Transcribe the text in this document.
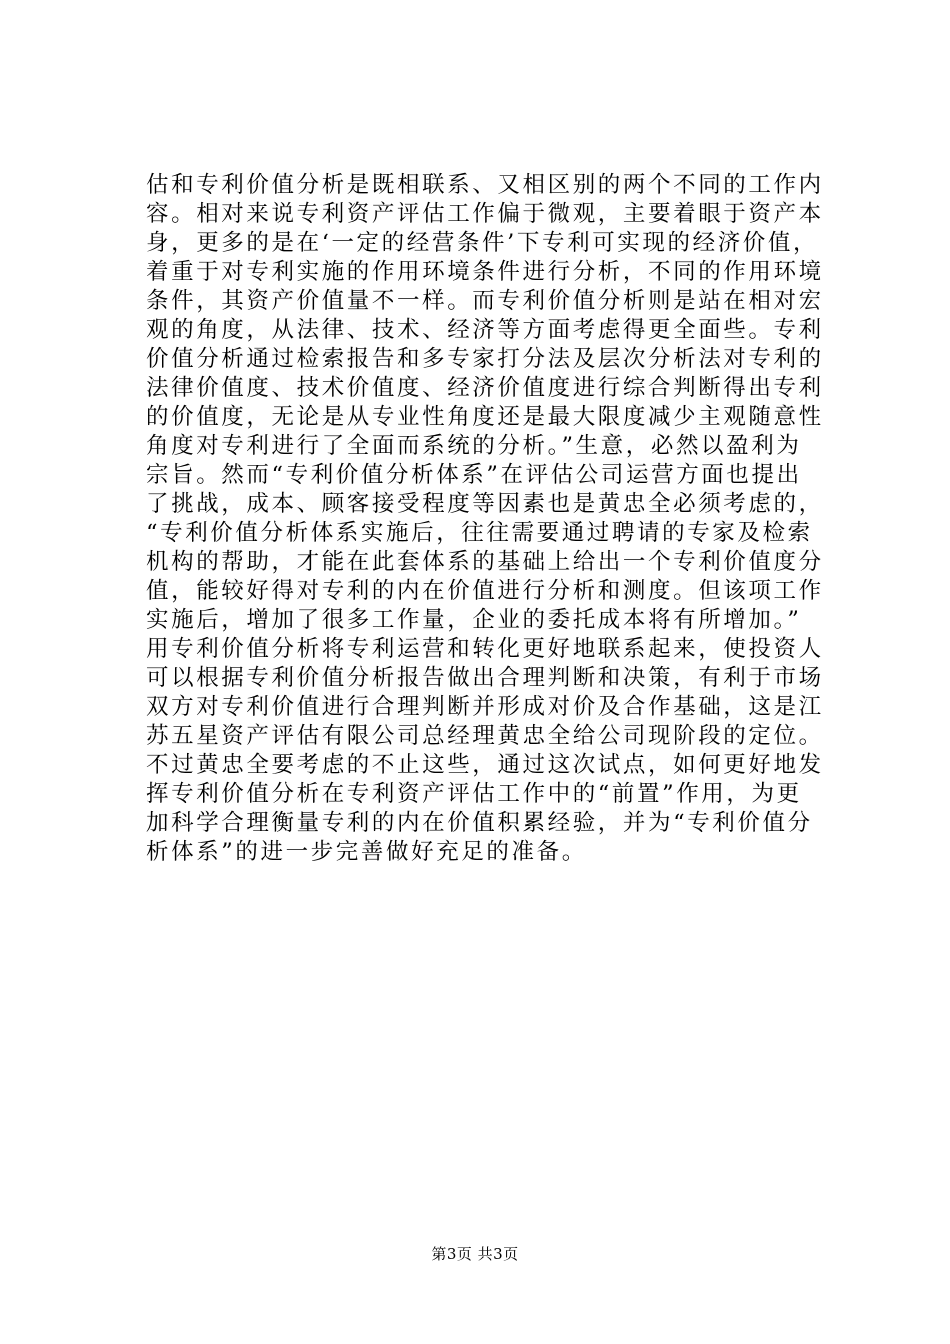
估和专利价值分析是既相联系、又相区别的两个不同的工作内
容。相对来说专利资产评估工作偏于微观，主要着眼于资产本
身，更多的是在‘一定的经营条件’下专利可实现的经济价值，
着重于对专利实施的作用环境条件进行分析，不同的作用环境
条件，其资产价值量不一样。而专利价值分析则是站在相对宏
观的角度，从法律、技术、经济等方面考虑得更全面些。专利
价值分析通过检索报告和多专家打分法及层次分析法对专利的
法律价值度、技术价值度、经济价值度进行综合判断得出专利
的价值度，无论是从专业性角度还是最大限度减少主观随意性
角度对专利进行了全面而系统的分析。”生意，必然以盈利为
宗旨。然而“专利价值分析体系”在评估公司运营方面也提出
了挑战，成本、顾客接受程度等因素也是黄忠全必须考虑的，
“专利价值分析体系实施后，往往需要通过聘请的专家及检索
机构的帮助，才能在此套体系的基础上给出一个专利价值度分
值，能较好得对专利的内在价值进行分析和测度。但该项工作
实施后，增加了很多工作量，企业的委托成本将有所增加。”
用专利价值分析将专利运营和转化更好地联系起来，使投资人
可以根据专利价值分析报告做出合理判断和决策，有利于市场
双方对专利价值进行合理判断并形成对价及合作基础，这是江
苏五星资产评估有限公司总经理黄忠全给公司现阶段的定位。
不过黄忠全要考虑的不止这些，通过这次试点，如何更好地发
挥专利价值分析在专利资产评估工作中的“前置”作用，为更
加科学合理衡量专利的内在价值积累经验，并为“专利价值分
析体系”的进一步完善做好充足的准备。
第3页 共3页
